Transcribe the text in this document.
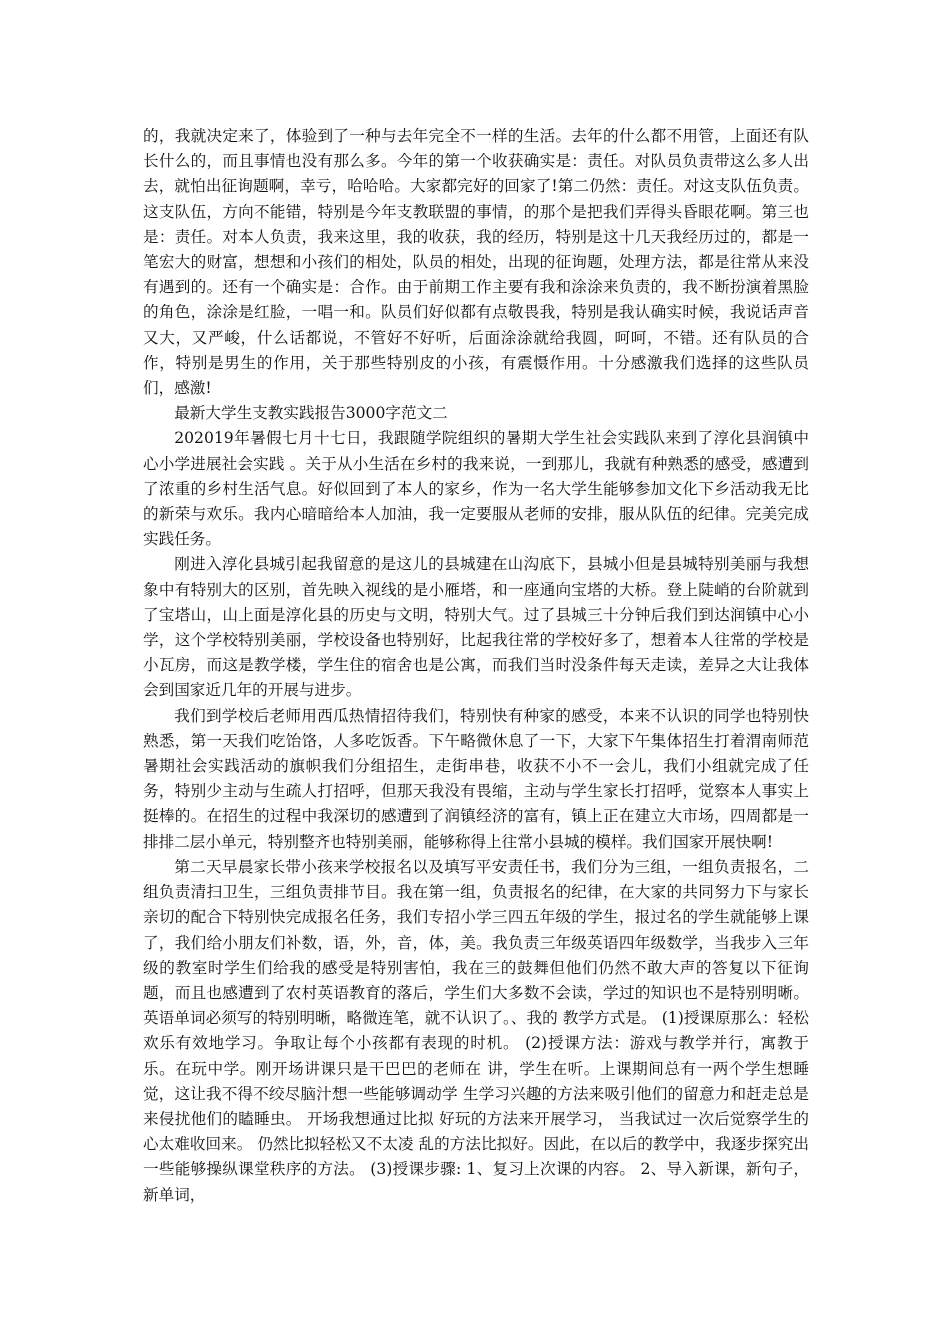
的，我就决定来了，体验到了一种与去年完全不一样的生活。去年的什么都不用管，上面还有队长什么的，而且事情也没有那么多。今年的第一个收获确实是：责任。对队员负责带这么多人出去，就怕出征询题啊，幸亏，哈哈哈。大家都完好的回家了!第二仍然：责任。对这支队伍负责。这支队伍，方向不能错，特别是今年支教联盟的事情，的那个是把我们弄得头昏眼花啊。第三也是：责任。对本人负责，我来这里，我的收获，我的经历，特别是这十几天我经历过的，都是一笔宏大的财富，想想和小孩们的相处，队员的相处，出现的征询题，处理方法，都是往常从来没有遇到的。还有一个确实是：合作。由于前期工作主要有我和涂涂来负责的，我不断扮演着黑脸的角色，涂涂是红脸，一唱一和。队员们好似都有点敬畏我，特别是我认确实时候，我说话声音又大，又严峻，什么话都说，不管好不好听，后面涂涂就给我圆，呵呵，不错。还有队员的合作，特别是男生的作用，关于那些特别皮的小孩，有震慑作用。十分感激我们选择的这些队员们，感激!

最新大学生支教实践报告3000字范文二

202019年暑假七月十七日，我跟随学院组织的暑期大学生社会实践队来到了淳化县润镇中心小学进展社会实践 。关于从小生活在乡村的我来说，一到那儿，我就有种熟悉的感受，感遭到了浓重的乡村生活气息。好似回到了本人的家乡，作为一名大学生能够参加文化下乡活动我无比的新荣与欢乐。我内心暗暗给本人加油，我一定要服从老师的安排，服从队伍的纪律。完美完成实践任务。

刚进入淳化县城引起我留意的是这儿的县城建在山沟底下，县城小但是县城特别美丽与我想象中有特别大的区别，首先映入视线的是小雁塔，和一座通向宝塔的大桥。登上陡峭的台阶就到了宝塔山，山上面是淳化县的历史与文明，特别大气。过了县城三十分钟后我们到达润镇中心小学，这个学校特别美丽，学校设备也特别好，比起我往常的学校好多了，想着本人往常的学校是小瓦房，而这是教学楼，学生住的宿舍也是公寓，而我们当时没条件每天走读，差异之大让我体会到国家近几年的开展与进步。

我们到学校后老师用西瓜热情招待我们，特别快有种家的感受，本来不认识的同学也特别快熟悉，第一天我们吃饴饹，人多吃饭香。下午略微休息了一下，大家下午集体招生打着渭南师范暑期社会实践活动的旗帜我们分组招生，走街串巷，收获不小不一会儿，我们小组就完成了任务，特别少主动与生疏人打招呼，但那天我没有畏缩，主动与学生家长打招呼，觉察本人事实上挺棒的。在招生的过程中我深切的感遭到了润镇经济的富有，镇上正在建立大市场，四周都是一排排二层小单元，特别整齐也特别美丽，能够称得上往常小县城的模样。我们国家开展快啊!

第二天早晨家长带小孩来学校报名以及填写平安责任书，我们分为三组，一组负责报名，二组负责清扫卫生，三组负责排节目。我在第一组，负责报名的纪律，在大家的共同努力下与家长亲切的配合下特别快完成报名任务，我们专招小学三四五年级的学生，报过名的学生就能够上课了，我们给小朋友们补数，语，外，音，体，美。我负责三年级英语四年级数学，当我步入三年级的教室时学生们给我的感受是特别害怕，我在三的鼓舞但他们仍然不敢大声的答复以下征询题，而且也感遭到了农村英语教育的落后，学生们大多数不会读，学过的知识也不是特别明晰。英语单词必须写的特别明晰，略微连笔，就不认识了。、我的 教学方式是。 (1)授课原那么：轻松欢乐有效地学习。争取让每个小孩都有表现的时机。 (2)授课方法：游戏与教学并行，寓教于乐。在玩中学。刚开场讲课只是干巴巴的老师在 讲，学生在听。上课期间总有一两个学生想睡觉，这让我不得不绞尽脑汁想一些能够调动学 生学习兴趣的方法来吸引他们的留意力和赶走总是来侵扰他们的瞌睡虫。 开场我想通过比拟 好玩的方法来开展学习， 当我试过一次后觉察学生的心太难收回来。 仍然比拟轻松又不太凌 乱的方法比拟好。因此，在以后的教学中，我逐步探究出一些能够操纵课堂秩序的方法。 (3)授课步骤: 1、复习上次课的内容。 2、导入新课，新句子，新单词，
